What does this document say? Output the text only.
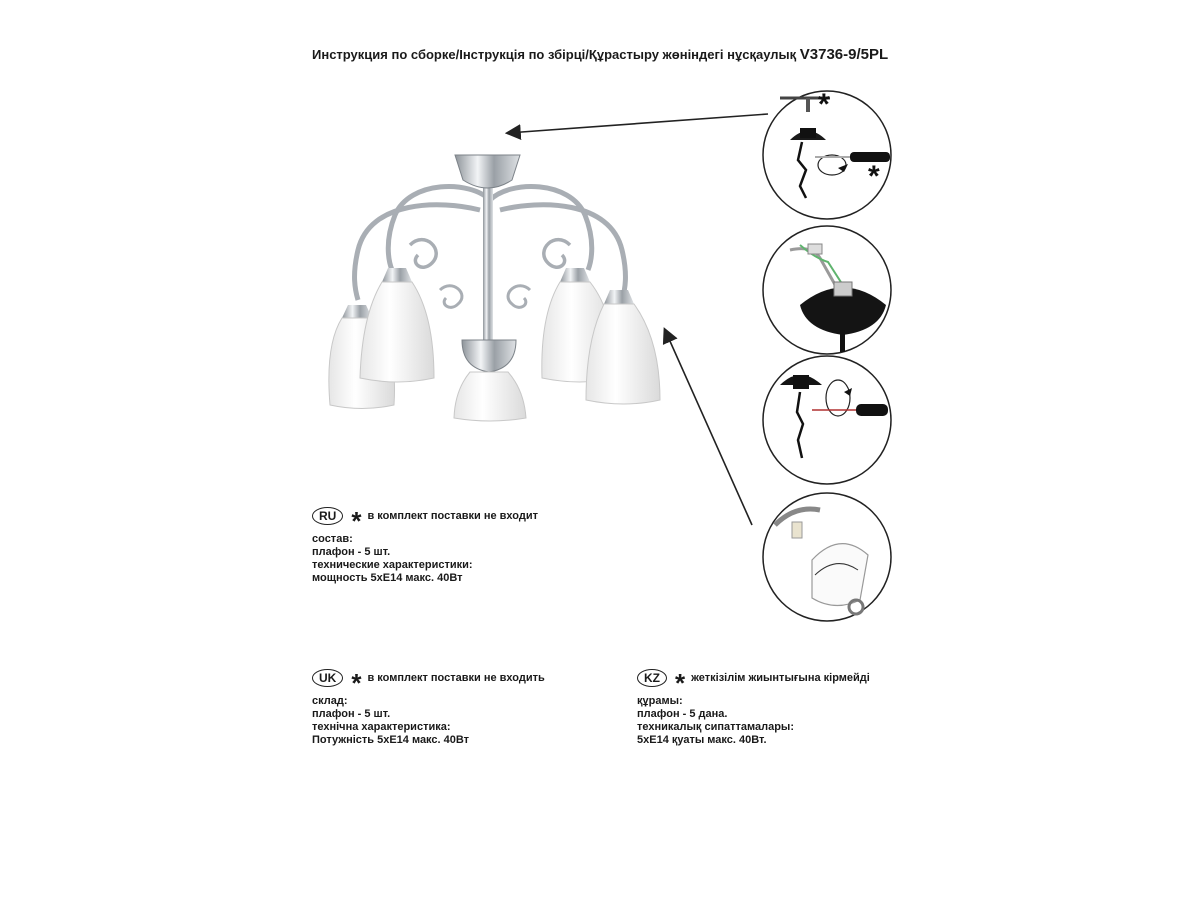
Инструкция по сборке/Інструкція по збірці/Құрастыру жөніндегі нұсқаулық V3736-9/5PL
*
*
RU * в комплект поставки не входит
состав:
плафон - 5 шт.
технические характеристики:
мощность 5хЕ14 макс. 40Вт
UK * в комплект поставки не входить
склад:
плафон - 5 шт.
технічна характеристика:
Потужність 5хЕ14 макс. 40Вт
KZ * жеткізілім жиынтығына кірмейді
құрамы:
плафон - 5 дана.
техникалық сипаттамалары:
5хЕ14 қуаты макс. 40Вт.
